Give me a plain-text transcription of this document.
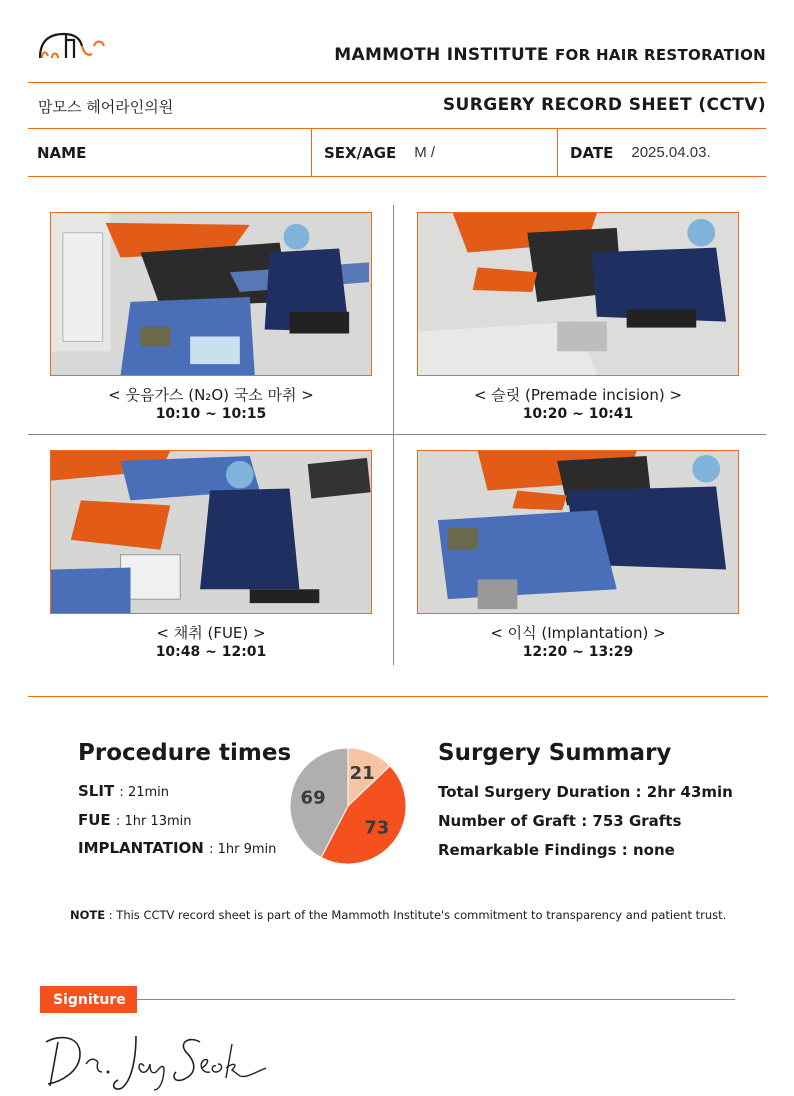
MAMMOTH INSTITUTE FOR HAIR RESTORATION
맘모스 헤어라인의원	SURGERY RECORD SHEET (CCTV)
NAME	SEX/AGE M /	DATE 2025.04.03.
< 웃음가스 (N₂O) 국소 마취 >
10:10 ~ 10:15
< 슬릿 (Premade incision) >
10:20 ~ 10:41
< 채취 (FUE) >
10:48 ~ 12:01
< 이식 (Implantation) >
12:20 ~ 13:29
Procedure times
SLIT : 21min
FUE : 1hr 13min
IMPLANTATION : 1hr 9min
21
73
69
Surgery Summary
Total Surgery Duration : 2hr 43min
Number of Graft : 753 Grafts
Remarkable Findings : none
NOTE : This CCTV record sheet is part of the Mammoth Institute's commitment to transparency and patient trust.
Signiture
